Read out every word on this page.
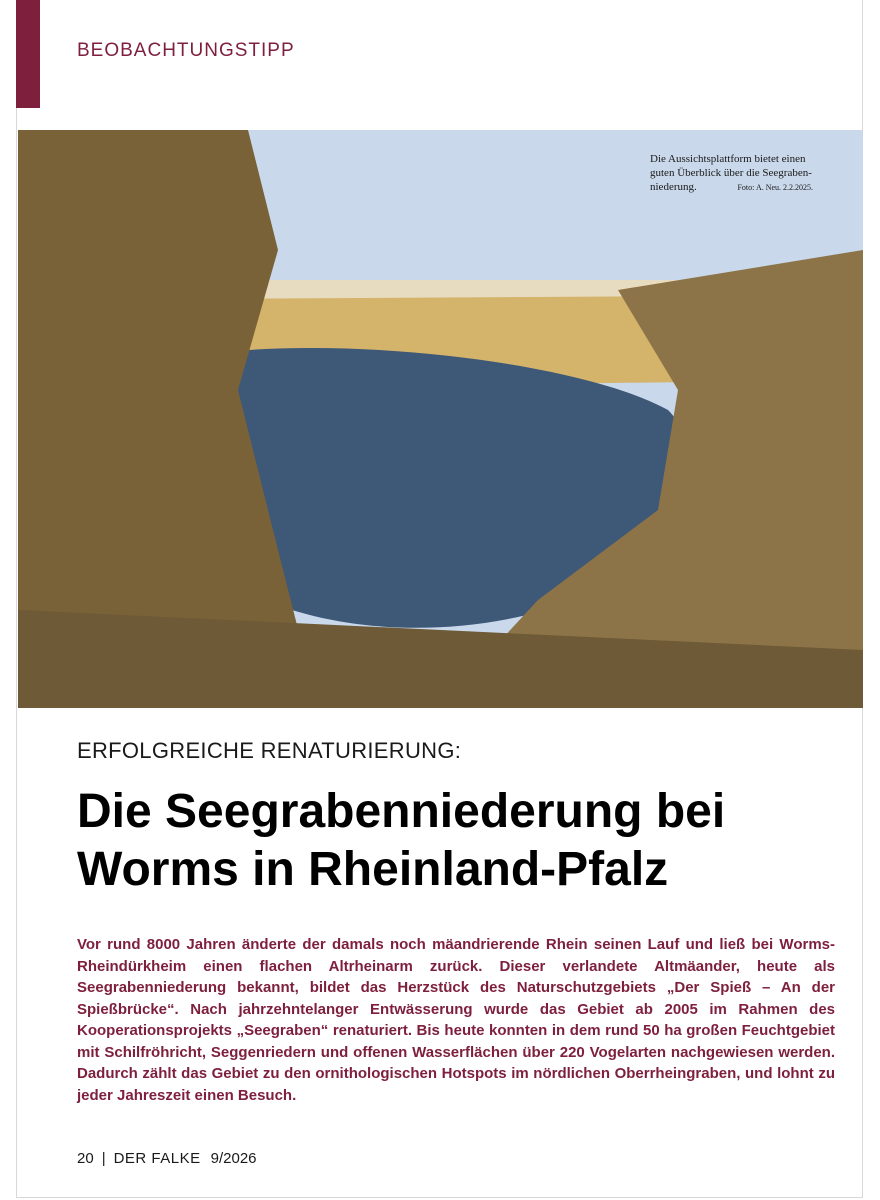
BEOBACHTUNGSTIPP

Die Aussichtsplattform bietet einen guten Überblick über die Seegrabenniederung.	Foto: A. Neu. 2.2.2025.

ERFOLGREICHE RENATURIERUNG:
Die Seegrabenniederung bei Worms in Rheinland-Pfalz

Vor rund 8000 Jahren änderte der damals noch mäandrierende Rhein seinen Lauf und ließ bei Worms-Rheindürkheim einen flachen Altrheinarm zurück. Dieser verlandete Altmäander, heute als Seegrabenniederung bekannt, bildet das Herzstück des Naturschutzgebiets „Der Spieß – An der Spießbrücke“. Nach jahrzehntelanger Entwässerung wurde das Gebiet ab 2005 im Rahmen des Kooperationsprojekts „Seegraben“ renaturiert. Bis heute konnten in dem rund 50 ha großen Feuchtgebiet mit Schilfröhricht, Seggenriedern und offenen Wasserflächen über 220 Vogelarten nachgewiesen werden. Dadurch zählt das Gebiet zu den ornithologischen Hotspots im nördlichen Oberrheingraben, und lohnt zu jeder Jahreszeit einen Besuch.

20 | DER FALKE 9/2026
